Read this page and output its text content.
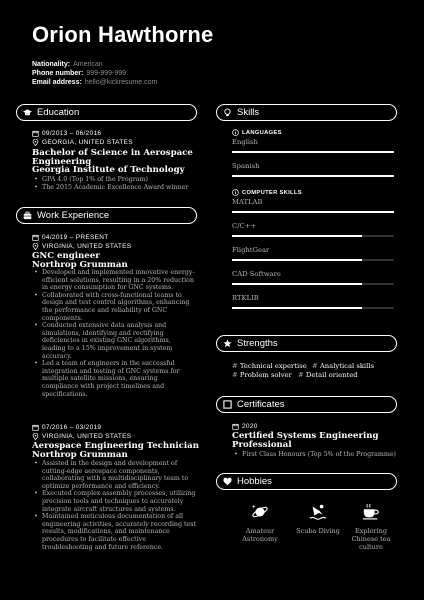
Orion Hawthorne
Nationality: American
Phone number: 999-999-999
Email address: hello@kickresume.com
Education
09/2013 – 06/2016
GEORGIA, UNITED STATES
Bachelor of Science in Aerospace
Engineering
Georgia Institute of Technology
• GPA 4.0 (Top 1% of the Program)
• The 2015 Academic Excellence Award winner
Work Experience
04/2019 – PRESENT
VIRGINIA, UNITED STATES
GNC engineer
Northrop Grumman
• Developed and implemented innovative energy-
efficient solutions, resulting in a 20% reduction
in energy consumption for GNC systems.
• Collaborated with cross-functional teams to
design and test control algorithms, enhancing
the performance and reliability of GNC
components.
• Conducted extensive data analysis and
simulations, identifying and rectifying
deficiencies in existing GNC algorithms,
leading to a 15% improvement in system
accuracy.
• Led a team of engineers in the successful
integration and testing of GNC systems for
multiple satellite missions, ensuring
compliance with project timelines and
specifications.
07/2016 – 03/2019
VIRGINIA, UNITED STATES
Aerospace Engineering Technician
Northrop Grumman
• Assisted in the design and development of
cutting-edge aerospace components,
collaborating with a multidisciplinary team to
optimize performance and efficiency.
• Executed complex assembly processes, utilizing
precision tools and techniques to accurately
integrate aircraft structures and systems.
• Maintained meticulous documentation of all
engineering activities, accurately recording test
results, modifications, and maintenance
procedures to facilitate effective
troubleshooting and future reference.
Skills
LANGUAGES
English
Spanish
COMPUTER SKILLS
MATLAB
C/C++
FlightGear
CAD Software
RTKLIB
Strengths
# Technical expertise # Analytical skills
# Problem solver # Detail oriented
Certificates
2020
Certified Systems Engineering
Professional
• First Class Honours (Top 5% of the Programme)
Hobbies
Amateur
Astronomy
Scuba Diving	Exploring
Chinese tea
culture
